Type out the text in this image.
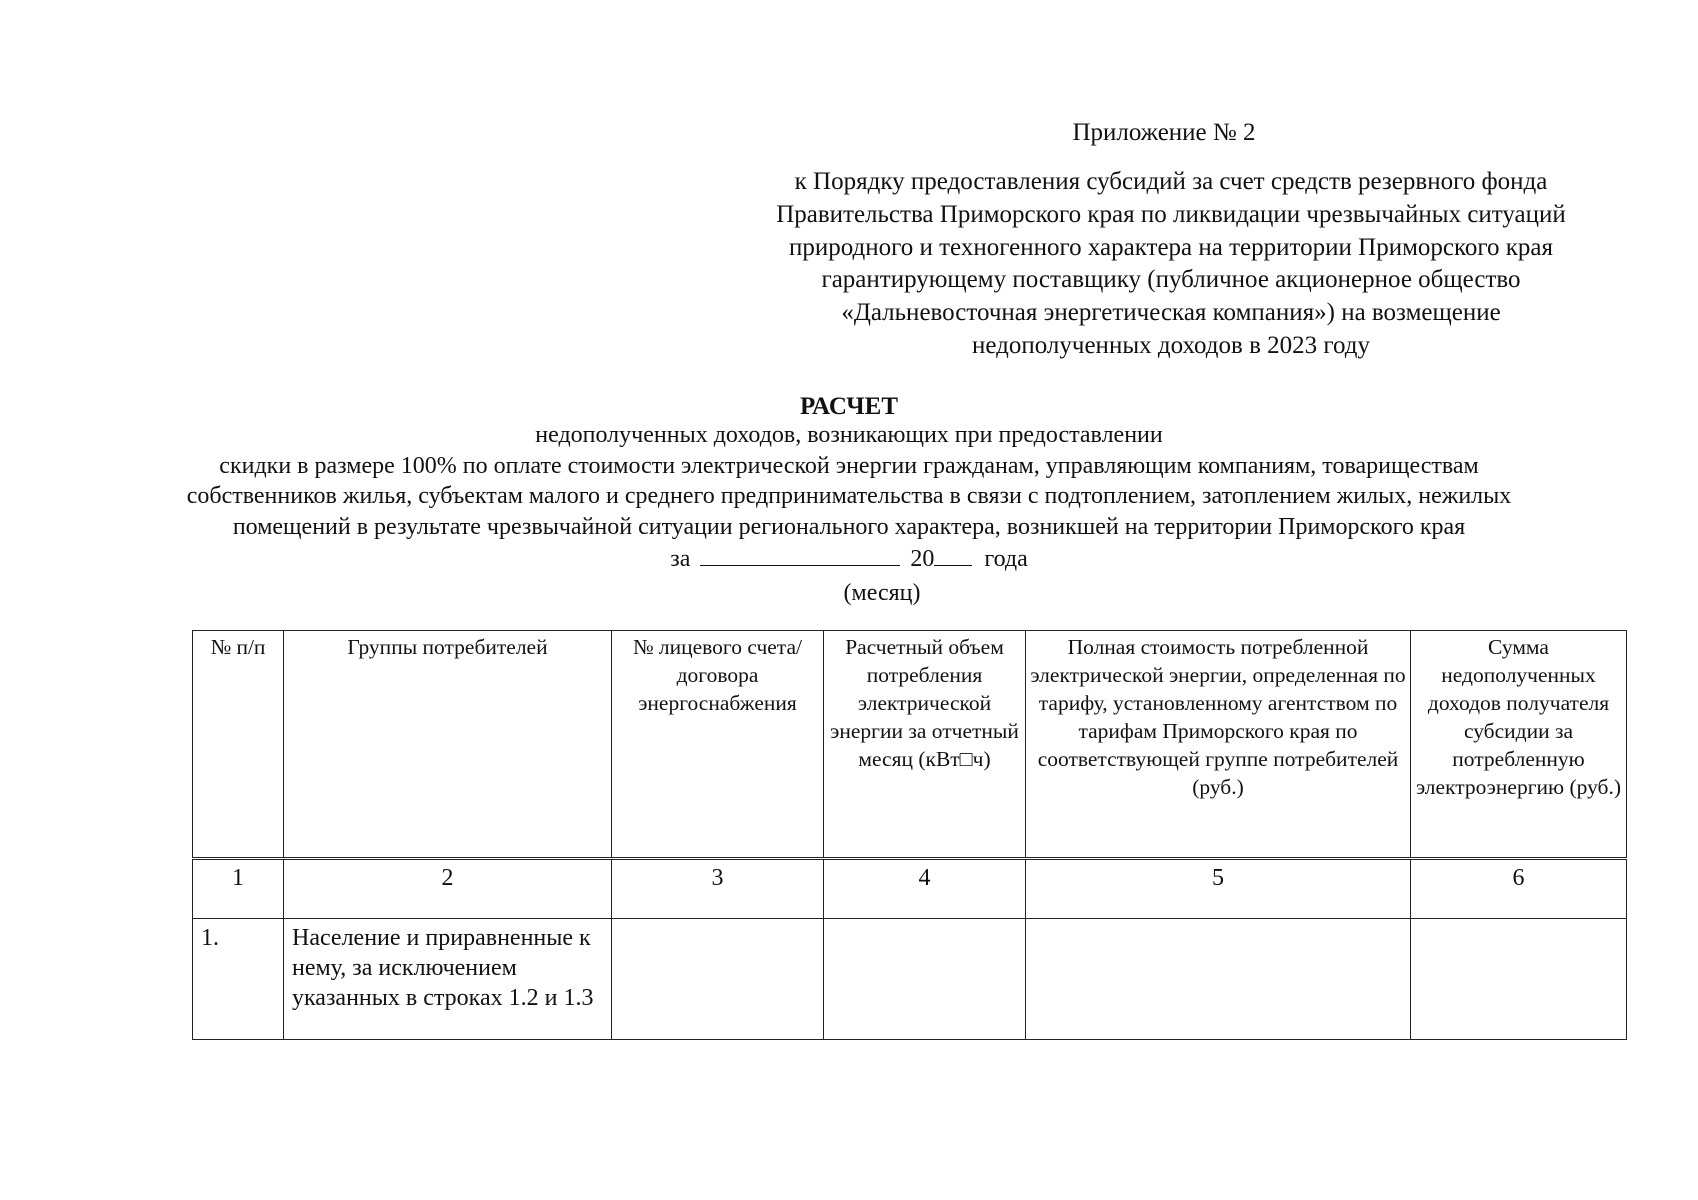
Приложение № 2
к Порядку предоставления субсидий за счет средств резервного фонда
Правительства Приморского края по ликвидации чрезвычайных ситуаций
природного и техногенного характера на территории Приморского края
гарантирующему поставщику (публичное акционерное общество
«Дальневосточная энергетическая компания») на возмещение
недополученных доходов в 2023 году
РАСЧЕТ
недополученных доходов, возникающих при предоставлении
скидки в размере 100% по оплате стоимости электрической энергии гражданам, управляющим компаниям, товариществам
собственников жилья, субъектам малого и среднего предпринимательства в связи с подтоплением, затоплением жилых, нежилых
помещений в результате чрезвычайной ситуации регионального характера, возникшей на территории Приморского края
за	20 года
(месяц)
№ п/п	Группы потребителей	№ лицевого счета/договора энергоснабжения	Расчетный объем потребления электрической энергии за отчетный месяц (кВт□ч)	Полная стоимость потребленной электрической энергии, определенная по тарифу, установленному агентством по тарифам Приморского края по соответствующей группе потребителей (руб.)	Сумма недополученных доходов получателя субсидии за потребленную электроэнергию (руб.)
1	2	3	4	5	6
1.	Население и приравненные к нему, за исключением указанных в строках 1.2 и 1.3				
